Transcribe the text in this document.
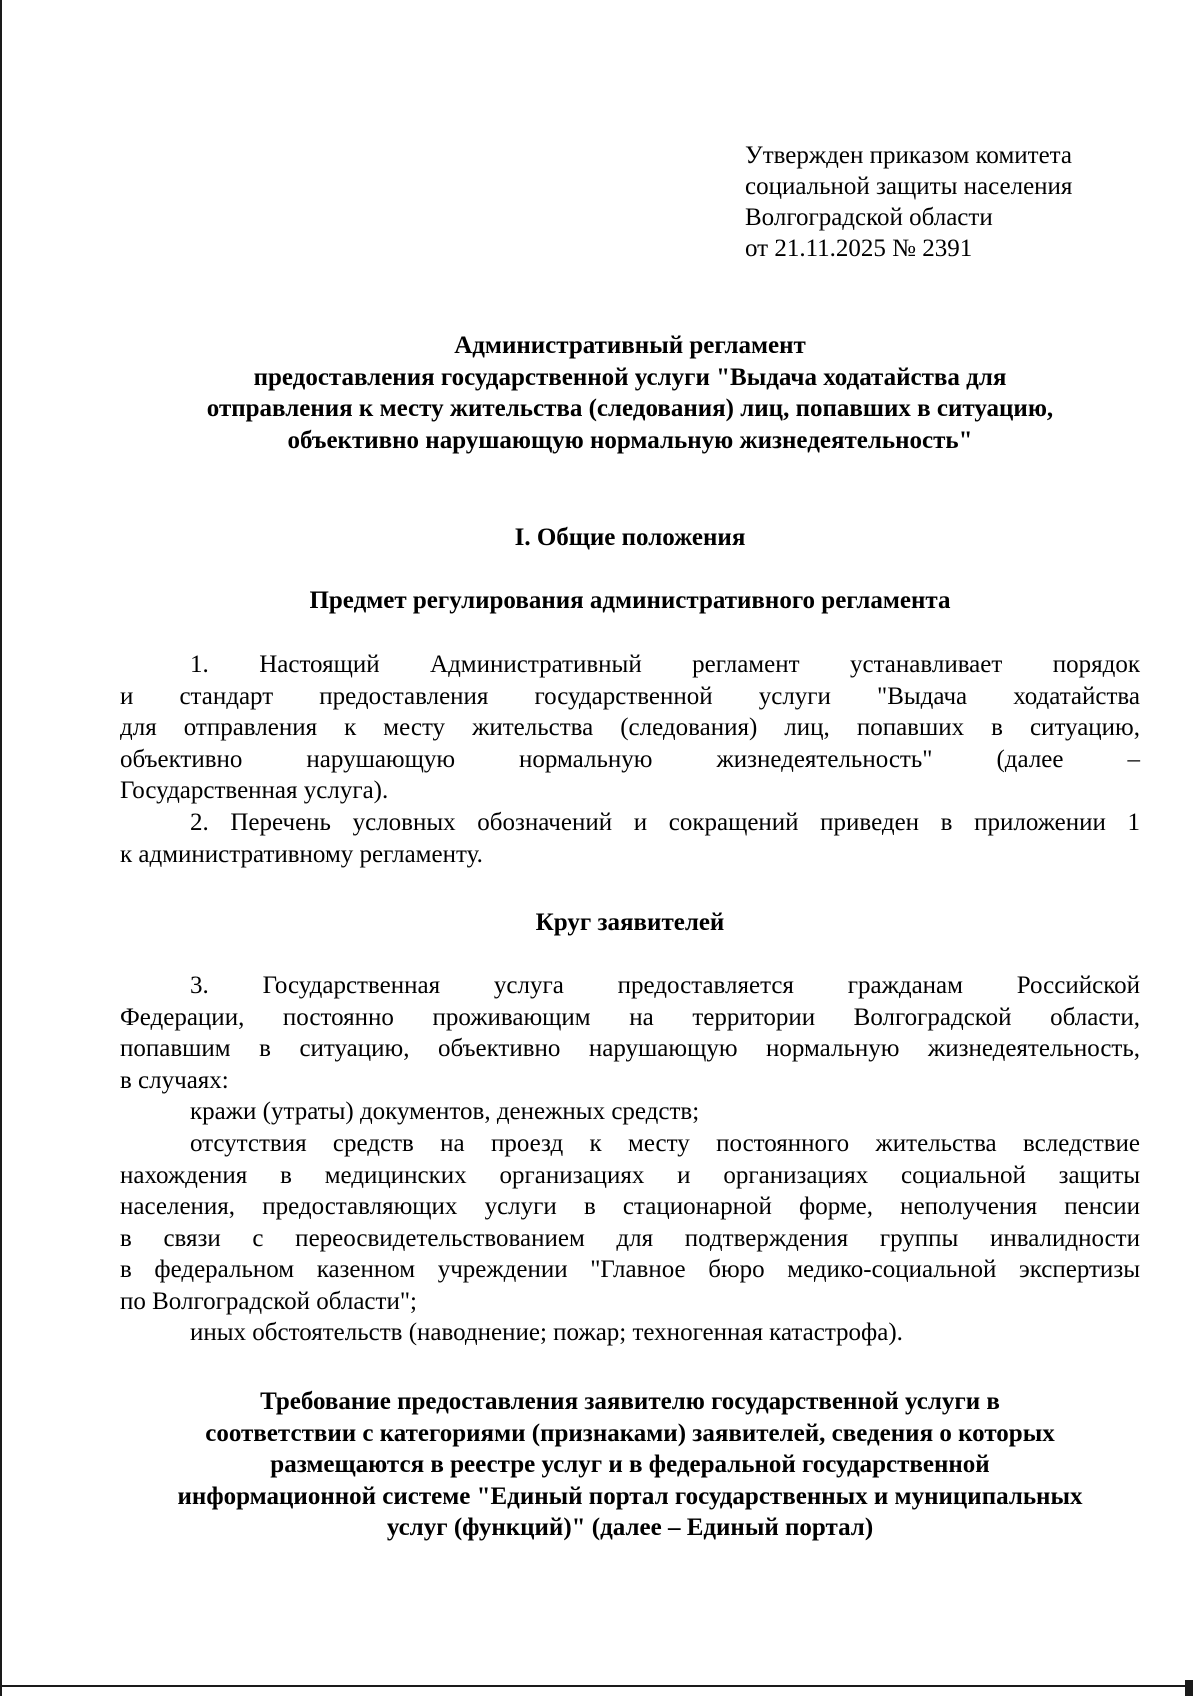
Утвержден приказом комитета
социальной защиты населения
Волгоградской области
от 21.11.2025 № 2391
Административный регламент
предоставления государственной услуги "Выдача ходатайства для
отправления к месту жительства (следования) лиц, попавших в ситуацию,
объективно нарушающую нормальную жизнедеятельность"
I. Общие положения
Предмет регулирования административного регламента
1. Настоящий Административный регламент устанавливает порядок
и стандарт предоставления государственной услуги "Выдача ходатайства
для отправления к месту жительства (следования) лиц, попавших в ситуацию,
объективно нарушающую нормальную жизнедеятельность" (далее –
Государственная услуга).
2. Перечень условных обозначений и сокращений приведен в приложении 1
к административному регламенту.
Круг заявителей
3. Государственная услуга предоставляется гражданам Российской
Федерации, постоянно проживающим на территории Волгоградской области,
попавшим в ситуацию, объективно нарушающую нормальную жизнедеятельность,
в случаях:
кражи (утраты) документов, денежных средств;
отсутствия средств на проезд к месту постоянного жительства вследствие
нахождения в медицинских организациях и организациях социальной защиты
населения, предоставляющих услуги в стационарной форме, неполучения пенсии
в связи с переосвидетельствованием для подтверждения группы инвалидности
в федеральном казенном учреждении "Главное бюро медико-социальной экспертизы
по Волгоградской области";
иных обстоятельств (наводнение; пожар; техногенная катастрофа).
Требование предоставления заявителю государственной услуги в
соответствии с категориями (признаками) заявителей, сведения о которых
размещаются в реестре услуг и в федеральной государственной
информационной системе "Единый портал государственных и муниципальных
услуг (функций)" (далее – Единый портал)
